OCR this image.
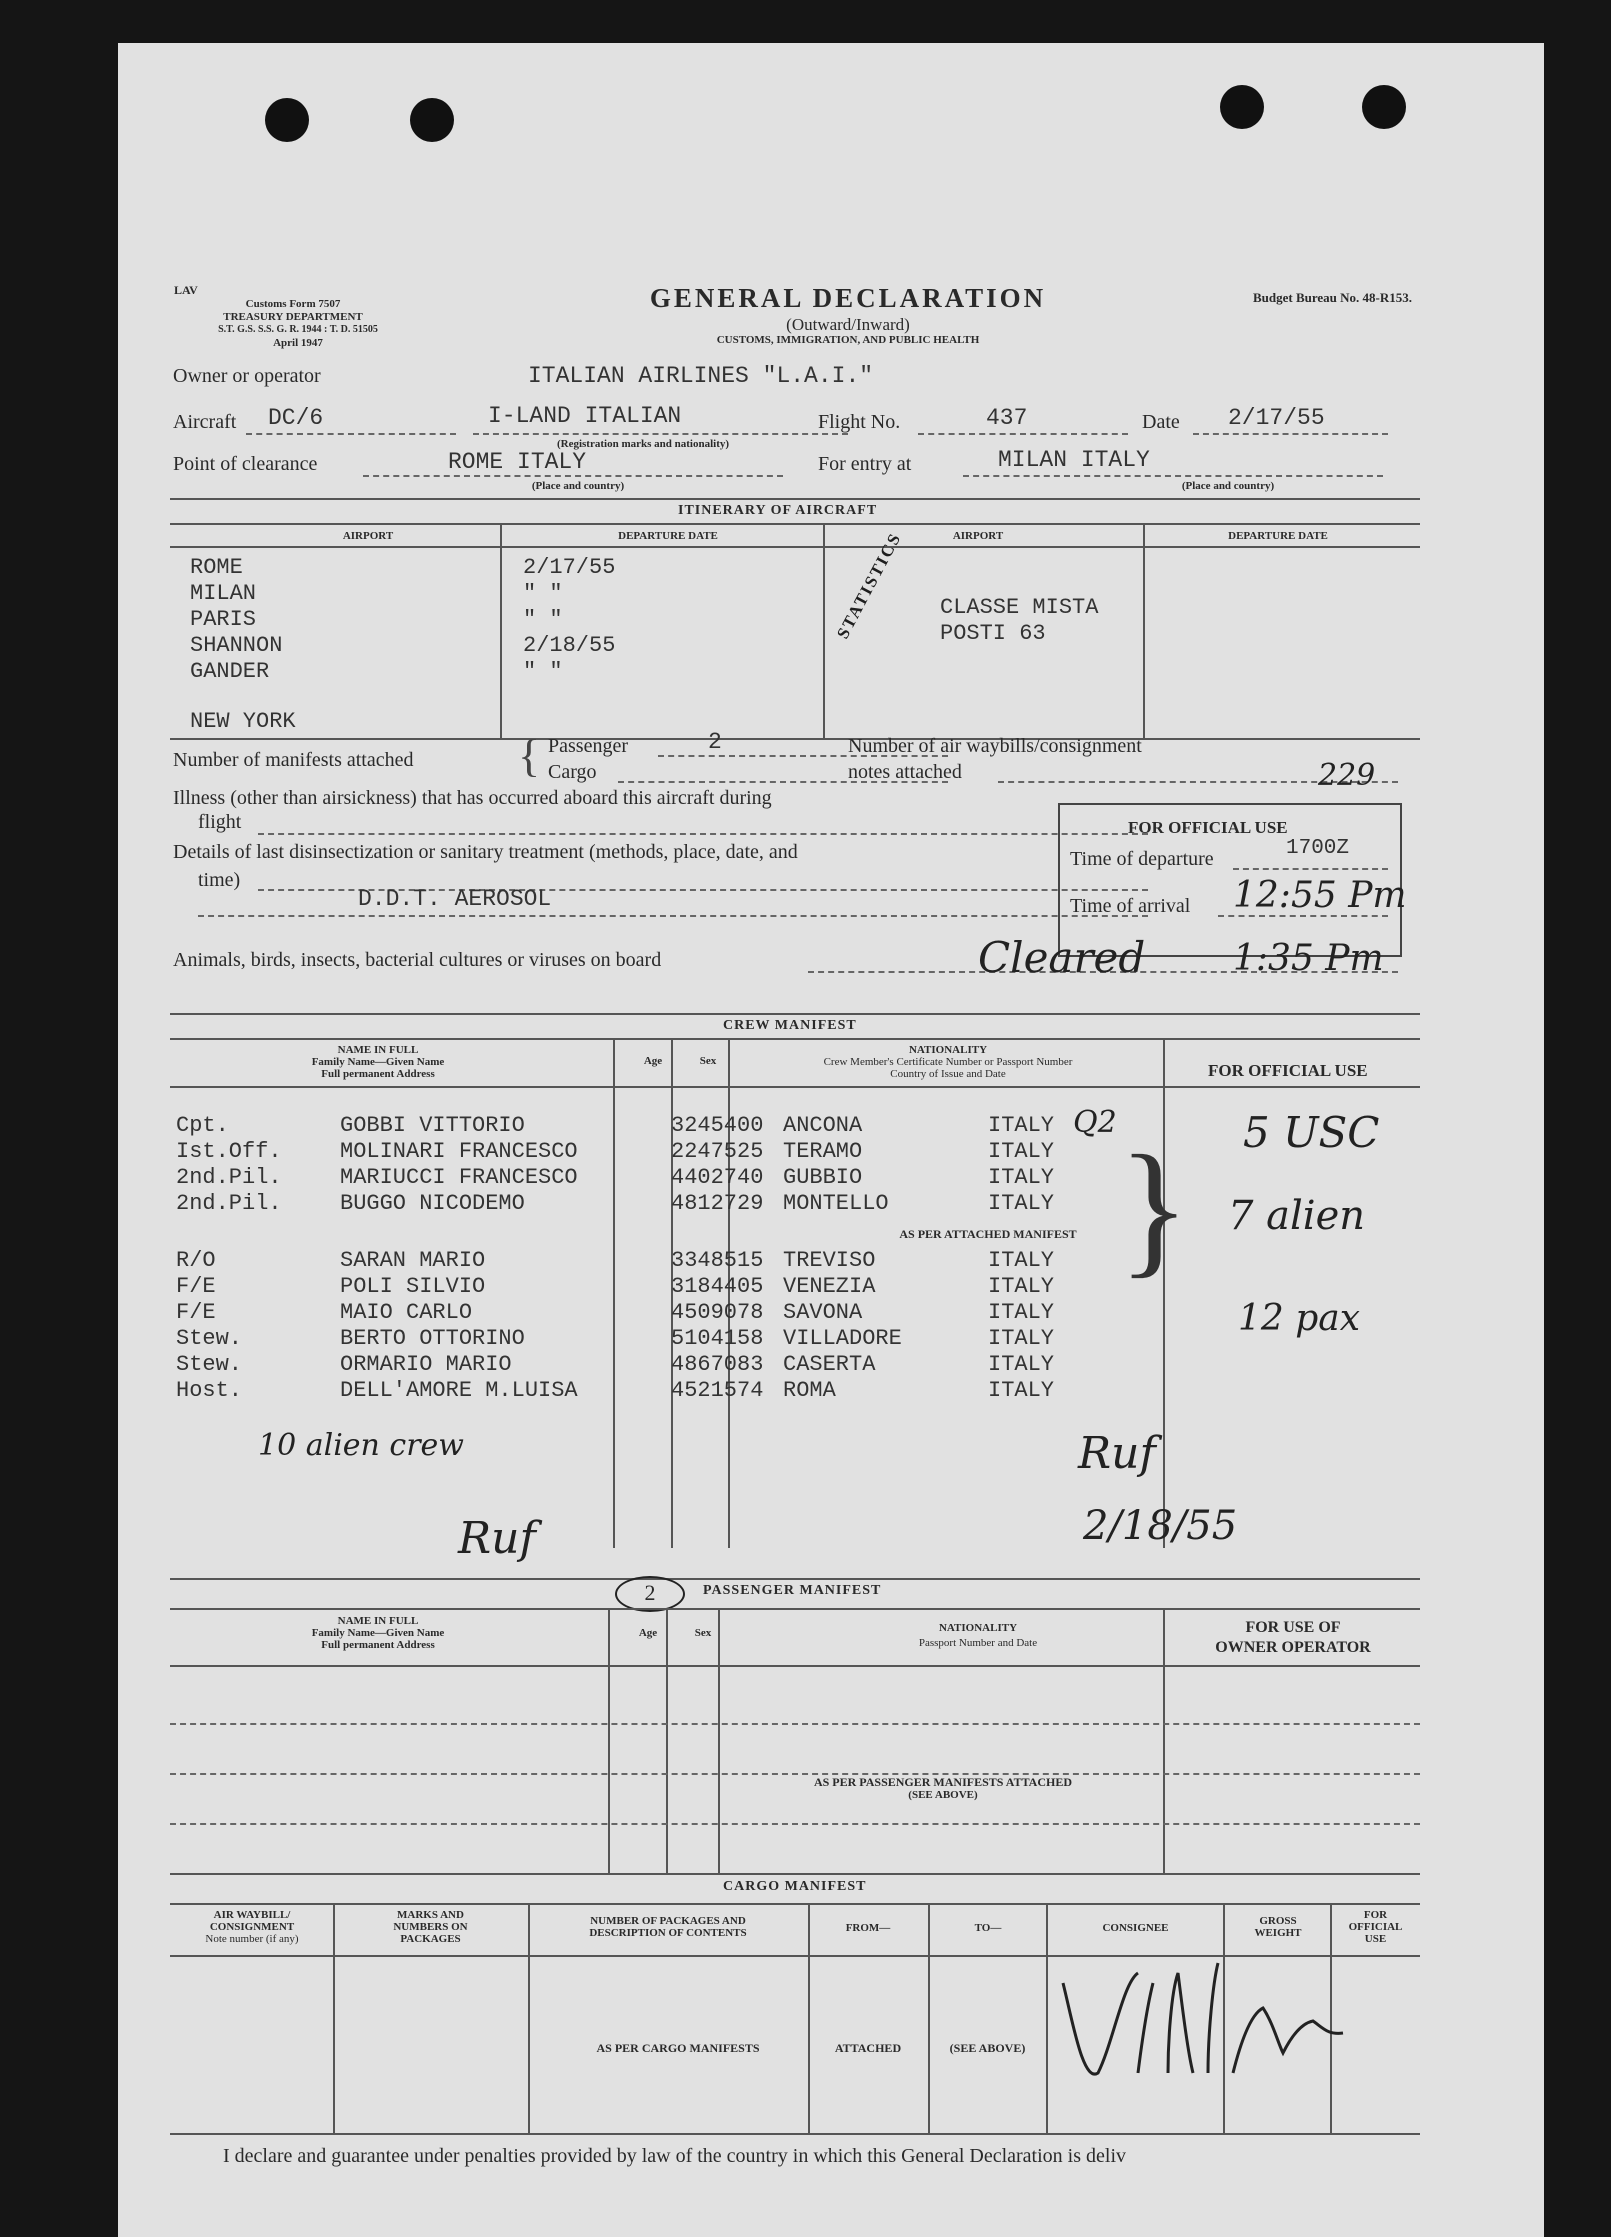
LAV
Customs Form 7507
TREASURY DEPARTMENT
S.T. G.S. S.S. G. R. 1944 : T. D. 51505
April 1947
GENERAL DECLARATION
(Outward/Inward)
CUSTOMS, IMMIGRATION, AND PUBLIC HEALTH
Budget Bureau No. 48-R153.
Owner or operator	ITALIAN AIRLINES "L.A.I."
Aircraft DC/6	I-LAND ITALIAN
(Registration marks and nationality)
Flight No.	437	Date 2/17/55
Point of clearance	ROME ITALY
(Place and country)
For entry at	MILAN ITALY
(Place and country)
ITINERARY OF AIRCRAFT
AIRPORT	DEPARTURE DATE	AIRPORT	DEPARTURE DATE
ROME	2/17/55
MILAN	" "
PARIS	" "
SHANNON	2/18/55
GANDER	" "
NEW YORK
STATISTICS CLASSE MISTA
POSTI 63
Number of manifests attached { Passenger	2
Cargo
Number of air waybills/consignment
notes attached	229
Illness (other than airsickness) that has occurred aboard this aircraft during
flight
Details of last disinsectization or sanitary treatment (methods, place, date, and
time)
D.D.T. AEROSOL
FOR OFFICIAL USE
Time of departure	1700Z
Time of arrival 12:55 Pm
Animals, birds, insects, bacterial cultures or viruses on board	Cleared 1:35 Pm
CREW MANIFEST
NAME IN FULL
Family Name—Given Name
Full permanent Address
Age	Sex
NATIONALITY
Crew Member's Certificate Number or Passport Number
Country of Issue and Date	FOR OFFICIAL USE
Cpt.	GOBBI VITTORIO	3245400 ANCONA	ITALY
Ist.Off.	MOLINARI FRANCESCO	2247525 TERAMO	ITALY
2nd.Pil.	MARIUCCI FRANCESCO	4402740 GUBBIO	ITALY
2nd.Pil.	BUGGO NICODEMO	4812729 MONTELLO	ITALY
AS PER ATTACHED MANIFEST
R/O	SARAN MARIO	3348515 TREVISO	ITALY
F/E	POLI SILVIO	3184405 VENEZIA	ITALY
F/E	MAIO CARLO	4509078 SAVONA	ITALY
Stew.	BERTO OTTORINO	5104158 VILLADORE	ITALY
Stew.	ORMARIO MARIO	4867083 CASERTA	ITALY
Host.	DELL'AMORE M.LUISA	4521574 ROMA	ITALY
Q2	5 USC
7 alien
12 pax
}
10 alien crew
Ruf
Ruf
2/18/55
PASSENGER MANIFEST
2
NAME IN FULL
Family Name—Given Name
Full permanent Address
Age	Sex	NATIONALITY
Passport Number and Date
FOR USE OF
OWNER OPERATOR
AS PER PASSENGER MANIFESTS ATTACHED
(SEE ABOVE)
CARGO MANIFEST
AIR WAYBILL/
CONSIGNMENT
Note number (if any)
MARKS AND
NUMBERS ON
PACKAGES
NUMBER OF PACKAGES AND
DESCRIPTION OF CONTENTS	FROM—	TO—	CONSIGNEE
GROSS
WEIGHT
FOR
OFFICIAL
USE
AS PER CARGO MANIFESTS	ATTACHED	(SEE ABOVE)
I declare and guarantee under penalties provided by law of the country in which this General Declaration is deliv
